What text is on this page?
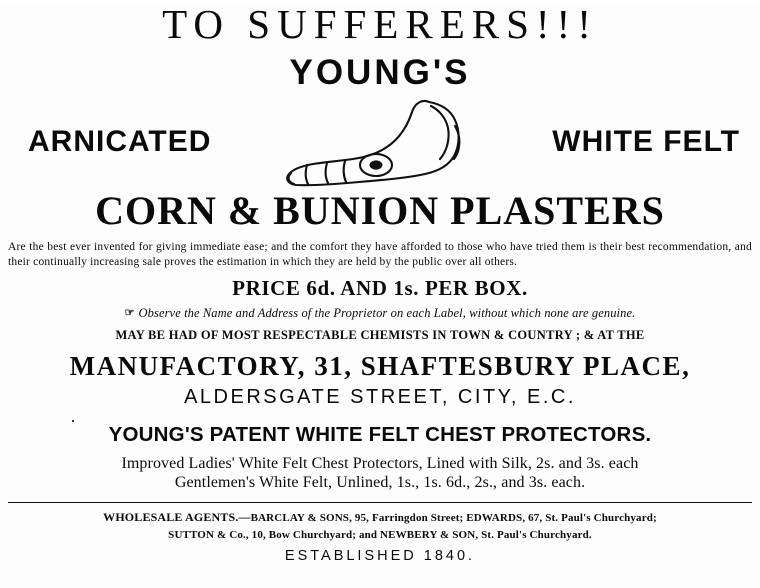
TO SUFFERERS!!!
YOUNG'S
ARNICATED	WHITE FELT
CORN & BUNION PLASTERS
Are the best ever invented for giving immediate ease; and the comfort they have afforded to those who have tried them is their best recommendation, and their continually increasing sale proves the estimation in which they are held by the public over all others.
PRICE 6d. AND 1s. PER BOX.
☞ Observe the Name and Address of the Proprietor on each Label, without which none are genuine.
MAY BE HAD OF MOST RESPECTABLE CHEMISTS IN TOWN & COUNTRY ; & AT THE
MANUFACTORY, 31, SHAFTESBURY PLACE,
ALDERSGATE STREET, CITY, E.C.
YOUNG'S PATENT WHITE FELT CHEST PROTECTORS.
Improved Ladies' White Felt Chest Protectors, Lined with Silk, 2s. and 3s. each
Gentlemen's White Felt, Unlined, 1s., 1s. 6d., 2s., and 3s. each.
WHOLESALE AGENTS.—BARCLAY & SONS, 95, Farringdon Street; EDWARDS, 67, St. Paul's Churchyard;
SUTTON & Co., 10, Bow Churchyard; and NEWBERY & SON, St. Paul's Churchyard.
ESTABLISHED 1840.
